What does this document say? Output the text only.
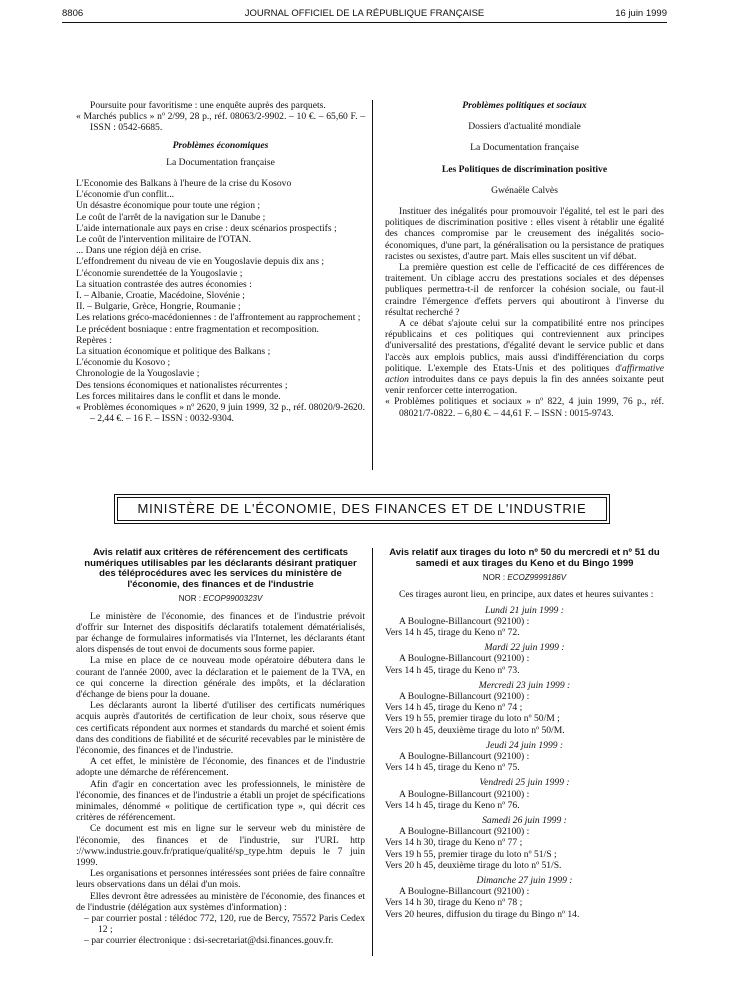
8806	JOURNAL OFFICIEL DE LA RÉPUBLIQUE FRANÇAISE	16 juin 1999

Poursuite pour favoritisme : une enquête auprès des parquets.

« Marchés publics » nº 2/99, 28 p., réf. 08063/2-9902. – 10 €. – 65,60 F. – ISSN : 0542-6685.

Problèmes économiques

La Documentation française

L'Economie des Balkans à l'heure de la crise du Kosovo

L'économie d'un conflit...

Un désastre économique pour toute une région ;

Le coût de l'arrêt de la navigation sur le Danube ;

L'aide internationale aux pays en crise : deux scénarios prospectifs ;

Le coût de l'intervention militaire de l'OTAN.

... Dans une région déjà en crise.

L'effondrement du niveau de vie en Yougoslavie depuis dix ans ;

L'économie surendettée de la Yougoslavie ;

La situation contrastée des autres économies :

I. – Albanie, Croatie, Macédoine, Slovénie ;

II. – Bulgarie, Grèce, Hongrie, Roumanie ;

Les relations gréco-macédoniennes : de l'affrontement au rapprochement ;

Le précédent bosniaque : entre fragmentation et recomposition.

Repères :

La situation économique et politique des Balkans ;

L'économie du Kosovo ;

Chronologie de la Yougoslavie ;

Des tensions économiques et nationalistes récurrentes ;

Les forces militaires dans le conflit et dans le monde.

« Problèmes économiques » nº 2620, 9 juin 1999, 32 p., réf. 08020/9-2620. – 2,44 €. – 16 F. – ISSN : 0032-9304.

Problèmes politiques et sociaux

Dossiers d'actualité mondiale

La Documentation française

Les Politiques de discrimination positive

Gwénaële Calvès

Instituer des inégalités pour promouvoir l'égalité, tel est le pari des politiques de discrimination positive : elles visent à rétablir une égalité des chances compromise par le creusement des inégalités socio-économiques, d'une part, la généralisation ou la persistance de pratiques racistes ou sexistes, d'autre part. Mais elles suscitent un vif débat.

La première question est celle de l'efficacité de ces différences de traitement. Un ciblage accru des prestations sociales et des dépenses publiques permettra-t-il de renforcer la cohésion sociale, ou faut-il craindre l'émergence d'effets pervers qui aboutiront à l'inverse du résultat recherché ?

A ce débat s'ajoute celui sur la compatibilité entre nos principes républicains et ces politiques qui contreviennent aux principes d'universalité des prestations, d'égalité devant le service public et dans l'accès aux emplois publics, mais aussi d'indifférenciation du corps politique. L'exemple des Etats-Unis et des politiques d'affirmative action introduites dans ce pays depuis la fin des années soixante peut venir renforcer cette interrogation.

« Problèmes politiques et sociaux » nº 822, 4 juin 1999, 76 p., réf. 08021/7-0822. – 6,80 €. – 44,61 F. – ISSN : 0015-9743.

MINISTÈRE DE L'ÉCONOMIE, DES FINANCES ET DE L'INDUSTRIE

Avis relatif aux critères de référencement des certificats numériques utilisables par les déclarants désirant pratiquer des téléprocédures avec les services du ministère de l'économie, des finances et de l'industrie

NOR : ECOP9900323V

Le ministère de l'économie, des finances et de l'industrie prévoit d'offrir sur Internet des dispositifs déclaratifs totalement dématérialisés, par échange de formulaires informatisés via l'Internet, les déclarants étant alors dispensés de tout envoi de documents sous forme papier.

La mise en place de ce nouveau mode opératoire débutera dans le courant de l'année 2000, avec la déclaration et le paiement de la TVA, en ce qui concerne la direction générale des impôts, et la déclaration d'échange de biens pour la douane.

Les déclarants auront la liberté d'utiliser des certificats numériques acquis auprès d'autorités de certification de leur choix, sous réserve que ces certificats répondent aux normes et standards du marché et soient émis dans des conditions de fiabilité et de sécurité recevables par le ministère de l'économie, des finances et de l'industrie.

A cet effet, le ministère de l'économie, des finances et de l'industrie adopte une démarche de référencement.

Afin d'agir en concertation avec les professionnels, le ministère de l'économie, des finances et de l'industrie a établi un projet de spécifications minimales, dénommé « politique de certification type », qui décrit ces critères de référencement.

Ce document est mis en ligne sur le serveur web du ministère de l'économie, des finances et de l'industrie, sur l'URL http ://www.industrie.gouv.fr/pratique/qualité/sp_type.htm depuis le 7 juin 1999.

Les organisations et personnes intéressées sont priées de faire connaître leurs observations dans un délai d'un mois.

Elles devront être adressées au ministère de l'économie, des finances et de l'industrie (délégation aux systèmes d'information) :

– par courrier postal : télédoc 772, 120, rue de Bercy, 75572 Paris Cedex 12 ;

– par courrier électronique : dsi-secretariat@dsi.finances.gouv.fr.

Avis relatif aux tirages du loto nº 50 du mercredi et nº 51 du samedi et aux tirages du Keno et du Bingo 1999

NOR : ECOZ9999186V

Ces tirages auront lieu, en principe, aux dates et heures suivantes :

Lundi 21 juin 1999 :

A Boulogne-Billancourt (92100) :

Vers 14 h 45, tirage du Keno nº 72.

Mardi 22 juin 1999 :

A Boulogne-Billancourt (92100) :

Vers 14 h 45, tirage du Keno nº 73.

Mercredi 23 juin 1999 :

A Boulogne-Billancourt (92100) :

Vers 14 h 45, tirage du Keno nº 74 ;

Vers 19 h 55, premier tirage du loto nº 50/M ;

Vers 20 h 45, deuxième tirage du loto nº 50/M.

Jeudi 24 juin 1999 :

A Boulogne-Billancourt (92100) :

Vers 14 h 45, tirage du Keno nº 75.

Vendredi 25 juin 1999 :

A Boulogne-Billancourt (92100) :

Vers 14 h 45, tirage du Keno nº 76.

Samedi 26 juin 1999 :

A Boulogne-Billancourt (92100) :

Vers 14 h 30, tirage du Keno nº 77 ;

Vers 19 h 55, premier tirage du loto nº 51/S ;

Vers 20 h 45, deuxième tirage du loto nº 51/S.

Dimanche 27 juin 1999 :

A Boulogne-Billancourt (92100) :

Vers 14 h 30, tirage du Keno nº 78 ;

Vers 20 heures, diffusion du tirage du Bingo nº 14.
